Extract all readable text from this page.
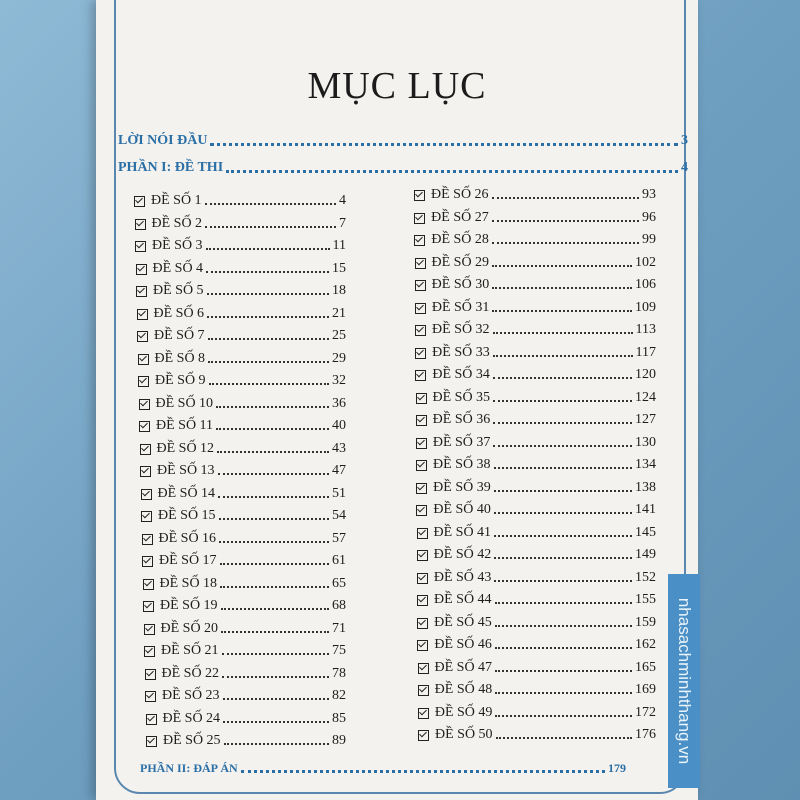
MỤC LỤC
LỜI NÓI ĐẦU	3
PHẦN I: ĐỀ THI	4
PHẦN II: ĐÁP ÁN	179
ĐỀ SỐ 1	4
ĐỀ SỐ 2	7
ĐỀ SỐ 3	11
ĐỀ SỐ 4	15
ĐỀ SỐ 5	18
ĐỀ SỐ 6	21
ĐỀ SỐ 7	25
ĐỀ SỐ 8	29
ĐỀ SỐ 9	32
ĐỀ SỐ 10	36
ĐỀ SỐ 11	40
ĐỀ SỐ 12	43
ĐỀ SỐ 13	47
ĐỀ SỐ 14	51
ĐỀ SỐ 15	54
ĐỀ SỐ 16	57
ĐỀ SỐ 17	61
ĐỀ SỐ 18	65
ĐỀ SỐ 19	68
ĐỀ SỐ 20	71
ĐỀ SỐ 21	75
ĐỀ SỐ 22	78
ĐỀ SỐ 23	82
ĐỀ SỐ 24	85
ĐỀ SỐ 25	89
ĐỀ SỐ 26	93
ĐỀ SỐ 27	96
ĐỀ SỐ 28	99
ĐỀ SỐ 29	102
ĐỀ SỐ 30	106
ĐỀ SỐ 31	109
ĐỀ SỐ 32	113
ĐỀ SỐ 33	117
ĐỀ SỐ 34	120
ĐỀ SỐ 35	124
ĐỀ SỐ 36	127
ĐỀ SỐ 37	130
ĐỀ SỐ 38	134
ĐỀ SỐ 39	138
ĐỀ SỐ 40	141
ĐỀ SỐ 41	145
ĐỀ SỐ 42	149
ĐỀ SỐ 43	152
ĐỀ SỐ 44	155
ĐỀ SỐ 45	159
ĐỀ SỐ 46	162
ĐỀ SỐ 47	165
ĐỀ SỐ 48	169
ĐỀ SỐ 49	172
ĐỀ SỐ 50	176 nhasachminhthang.vn
